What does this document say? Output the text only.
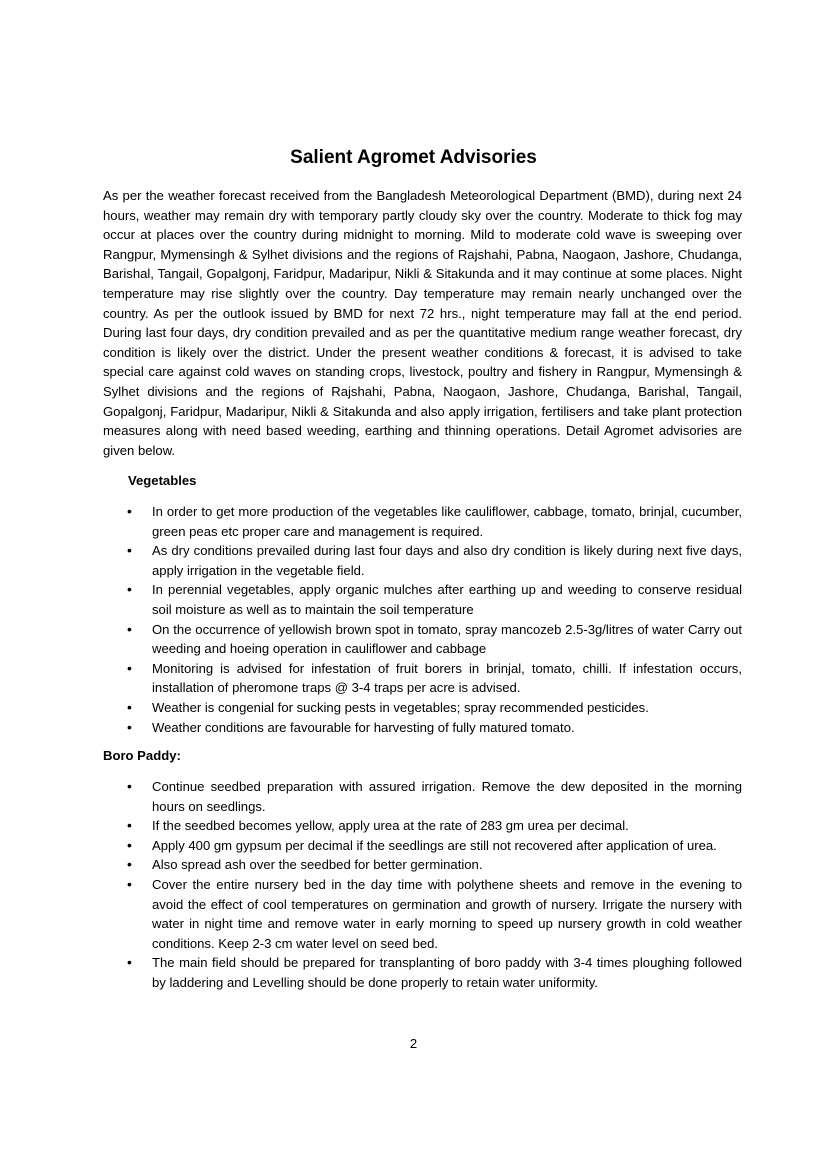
Salient Agromet Advisories

As per the weather forecast received from the Bangladesh Meteorological Department (BMD), during next 24 hours, weather may remain dry with temporary partly cloudy sky over the country. Moderate to thick fog may occur at places over the country during midnight to morning. Mild to moderate cold wave is sweeping over Rangpur, Mymensingh & Sylhet divisions and the regions of Rajshahi, Pabna, Naogaon, Jashore, Chudanga, Barishal, Tangail, Gopalgonj, Faridpur, Madaripur, Nikli & Sitakunda and it may continue at some places. Night temperature may rise slightly over the country. Day temperature may remain nearly unchanged over the country. As per the outlook issued by BMD for next 72 hrs., night temperature may fall at the end period. During last four days, dry condition prevailed and as per the quantitative medium range weather forecast, dry condition is likely over the district. Under the present weather conditions & forecast, it is advised to take special care against cold waves on standing crops, livestock, poultry and fishery in Rangpur, Mymensingh & Sylhet divisions and the regions of Rajshahi, Pabna, Naogaon, Jashore, Chudanga, Barishal, Tangail, Gopalgonj, Faridpur, Madaripur, Nikli & Sitakunda and also apply irrigation, fertilisers and take plant protection measures along with need based weeding, earthing and thinning operations. Detail Agromet advisories are given below.

Vegetables
• In order to get more production of the vegetables like cauliflower, cabbage, tomato, brinjal, cucumber, green peas etc proper care and management is required.
• As dry conditions prevailed during last four days and also dry condition is likely during next five days, apply irrigation in the vegetable field.
• In perennial vegetables, apply organic mulches after earthing up and weeding to conserve residual soil moisture as well as to maintain the soil temperature
• On the occurrence of yellowish brown spot in tomato, spray mancozeb 2.5-3g/litres of water Carry out weeding and hoeing operation in cauliflower and cabbage
• Monitoring is advised for infestation of fruit borers in brinjal, tomato, chilli. If infestation occurs, installation of pheromone traps @ 3-4 traps per acre is advised.
• Weather is congenial for sucking pests in vegetables; spray recommended pesticides.
• Weather conditions are favourable for harvesting of fully matured tomato.
Boro Paddy:
• Continue seedbed preparation with assured irrigation. Remove the dew deposited in the morning hours on seedlings.
• If the seedbed becomes yellow, apply urea at the rate of 283 gm urea per decimal.
• Apply 400 gm gypsum per decimal if the seedlings are still not recovered after application of urea.
• Also spread ash over the seedbed for better germination.
• Cover the entire nursery bed in the day time with polythene sheets and remove in the evening to avoid the effect of cool temperatures on germination and growth of nursery. Irrigate the nursery with water in night time and remove water in early morning to speed up nursery growth in cold weather conditions. Keep 2-3 cm water level on seed bed.
• The main field should be prepared for transplanting of boro paddy with 3-4 times ploughing followed by laddering and Levelling should be done properly to retain water uniformity.
2
